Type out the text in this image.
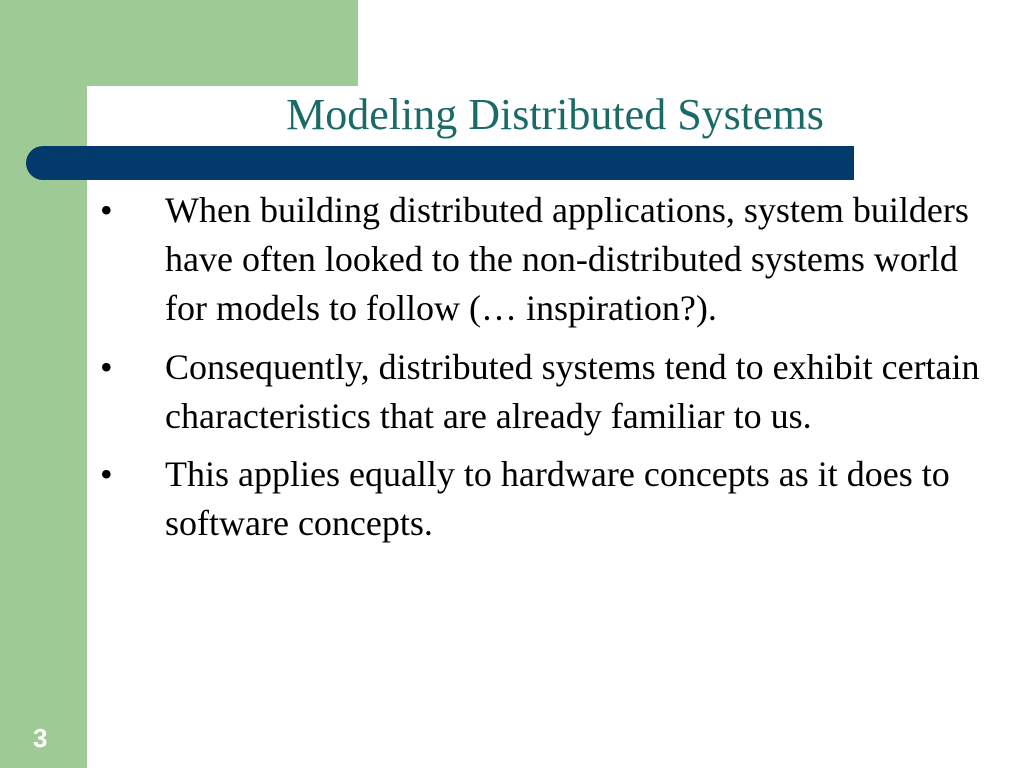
Modeling Distributed Systems
• When building distributed applications, system builders have often looked to the non-distributed systems world for models to follow (… inspiration?).
• Consequently, distributed systems tend to exhibit certain characteristics that are already familiar to us.
• This applies equally to hardware concepts as it does to software concepts.
3
